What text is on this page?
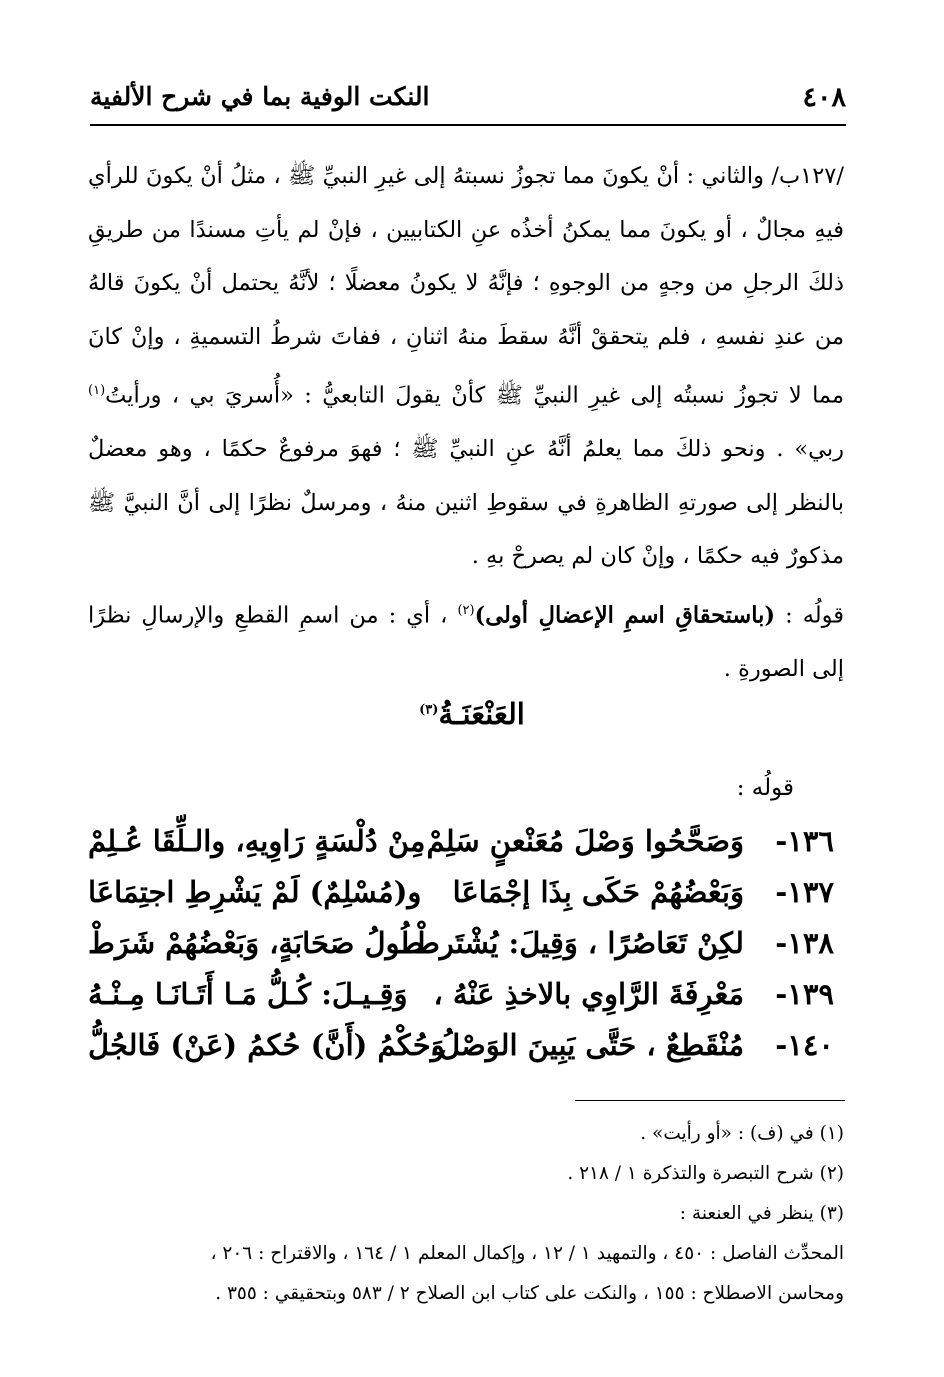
٤٠٨
النكت الوفية بما في شرح الألفية

/١٢٧ب/ والثاني : أنْ يكونَ مما تجوزُ نسبتهُ إلى غيرِ النبيِّ ﷺ ، مثلُ أنْ يكونَ للرأي فيهِ مجالٌ ، أو يكونَ مما يمكنُ أخذُه عنِ الكتابيين ، فإنْ لم يأتِ مسندًا من طريقِ ذلكَ الرجلِ من وجهٍ من الوجوهِ ؛ فإنَّهُ لا يكونُ معضلًا ؛ لأنَّهُ يحتمل أنْ يكونَ قالهُ من عندِ نفسهِ ، فلم يتحققْ أنَّهُ سقطَ منهُ اثنانِ ، ففاتَ شرطُ التسميةِ ، وإنْ كانَ مما لا تجوزُ نسبتُه إلى غيرِ النبيِّ ﷺ كأنْ يقولَ التابعيُّ : «أُسريَ بي ، ورأيتُ$^{(١)}$ ربي» . ونحو ذلكَ مما يعلمُ أنَّهُ عنِ النبيِّ ﷺ ؛ فهوَ مرفوعٌ حكمًا ، وهو معضلٌ بالنظر إلى صورتهِ الظاهرةِ في سقوطِ اثنين منهُ ، ومرسلٌ نظرًا إلى أنَّ النبيَّ ﷺ مذكورٌ فيه حكمًا ، وإنْ كان لم يصرحْ بهِ .

قولُه : (باستحقاقِ اسمِ الإعضالِ أولى)$^{(٢)}$ ، أي : من اسمِ القطعِ والإرسالِ نظرًا إلى الصورةِ .

العَنْعَنَـةُ$^{(٣)}$
قولُه :
١٣٦-
وَصَحَّحُوا وَصْلَ مُعَنْعنٍ سَلِمْ
مِنْ دُلْسَةٍ رَاوِيهِ، والـلِّقَا عُـلِمْ
١٣٧-
وَبَعْضُهُمْ حَكَى بِذَا إجْمَاعَا
و(مُسْلِمٌ) لَمْ يَشْرِطِ اجتِمَاعَا
١٣٨-
لكِنْ تَعَاصُرًا ، وَقِيلَ: يُشْتَرطْ
طُولُ صَحَابَةٍ، وَبَعْضُهُمْ شَرَطْ
١٣٩-
مَعْرِفَةَ الرَّاوِي بالاخذِ عَنْهُ ،
وَقِـيـلَ: كُـلُّ مَـا أَتَـانَـا مِـنْـهُ
١٤٠-
مُنْقَطِعٌ ، حَتَّى يَبِينَ الوَصْلُ،
وَحُكْمُ (أَنَّ) حُكمُ (عَنْ) فَالجُلُّ

(١) في (ف) : «أو رأيت» .

(٢) شرح التبصرة والتذكرة ١ / ٢١٨ .

(٣) ينظر في العنعنة :

المحدِّث الفاصل : ٤٥٠ ، والتمهيد ١ / ١٢ ، وإكمال المعلم ١ / ١٦٤ ، والاقتراح : ٢٠٦ ،

ومحاسن الاصطلاح : ١٥٥ ، والنكت على كتاب ابن الصلاح ٢ / ٥٨٣ وبتحقيقي : ٣٥٥ .
